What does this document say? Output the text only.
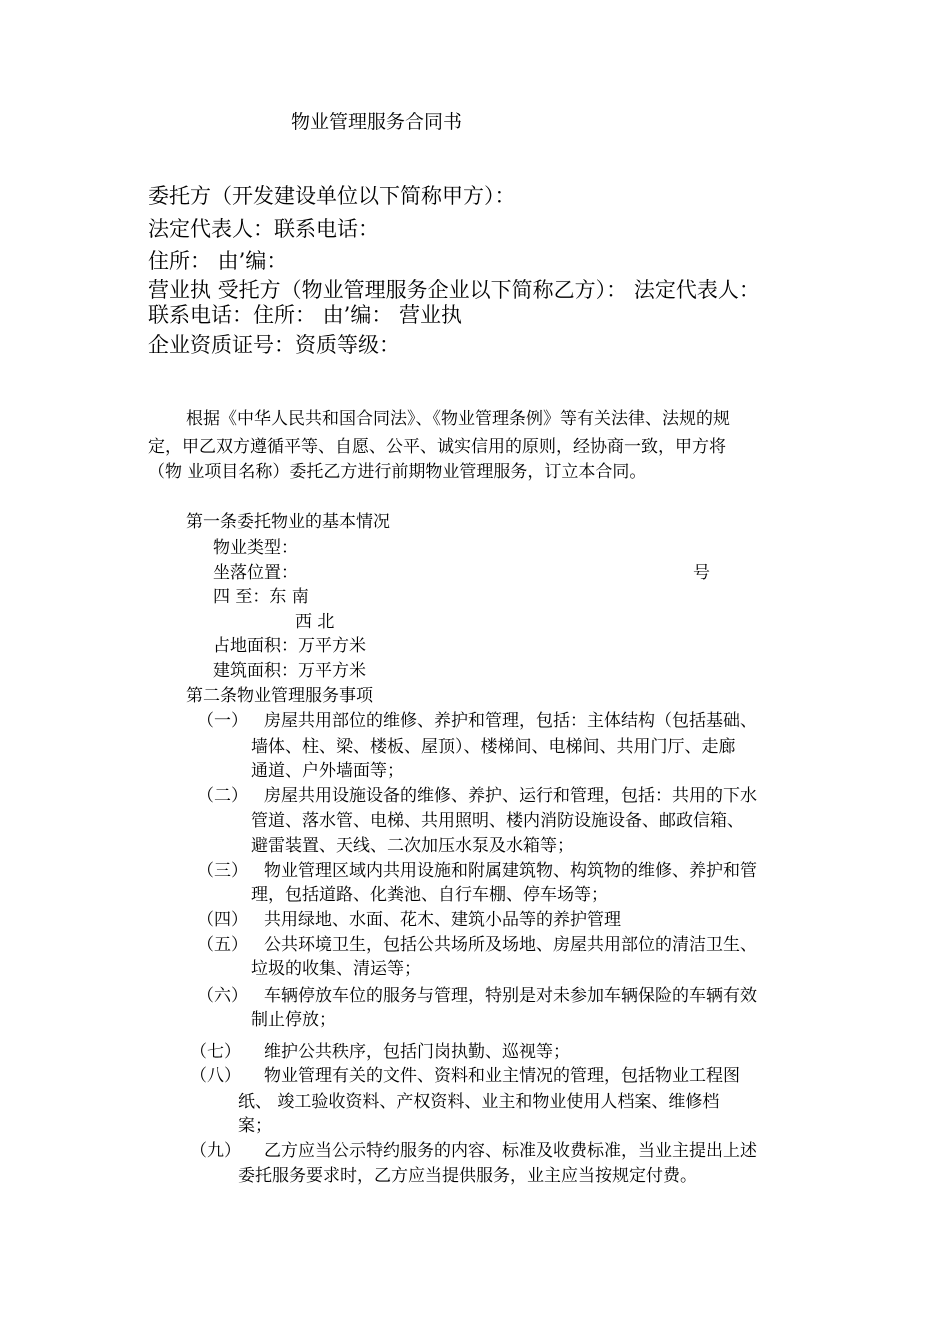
物业管理服务合同书
委托方（开发建设单位以下简称甲方）：
法定代表人：联系电话：
住所： 由’编：
营业执 受托方（物业管理服务企业以下简称乙方）： 法定代表人：
联系电话：住所： 由’编： 营业执
企业资质证号：资质等级：
根据《中华人民共和国合同法》、《物业管理条例》等有关法律、法规的规
定，甲乙双方遵循平等、自愿、公平、诚实信用的原则，经协商一致，甲方将
（物 业项目名称）委托乙方进行前期物业管理服务，订立本合同。
第一条委托物业的基本情况
物业类型：
坐落位置：	号
四 至：东 南
西 北
占地面积：万平方米
建筑面积：万平方米
第二条物业管理服务事项
（一） 房屋共用部位的维修、养护和管理，包括：主体结构（包括基础、
墙体、柱、梁、楼板、屋顶）、楼梯间、电梯间、共用门厅、走廊
通道、户外墙面等；
（二） 房屋共用设施设备的维修、养护、运行和管理，包括：共用的下水
管道、落水管、电梯、共用照明、楼内消防设施设备、邮政信箱、
避雷装置、天线、二次加压水泵及水箱等；
（三） 物业管理区域内共用设施和附属建筑物、构筑物的维修、养护和管
理，包括道路、化粪池、自行车棚、停车场等；
（四） 共用绿地、水面、花木、建筑小品等的养护管理
（五） 公共环境卫生，包括公共场所及场地、房屋共用部位的清洁卫生、
垃圾的收集、清运等；
（六） 车辆停放车位的服务与管理，特别是对未参加车辆保险的车辆有效
制止停放；
（七） 维护公共秩序，包括门岗执勤、巡视等；
（八） 物业管理有关的文件、资料和业主情况的管理，包括物业工程图
纸、 竣工验收资料、产权资料、业主和物业使用人档案、维修档
案；
（九） 乙方应当公示特约服务的内容、标准及收费标准，当业主提出上述
委托服务要求时，乙方应当提供服务，业主应当按规定付费。
